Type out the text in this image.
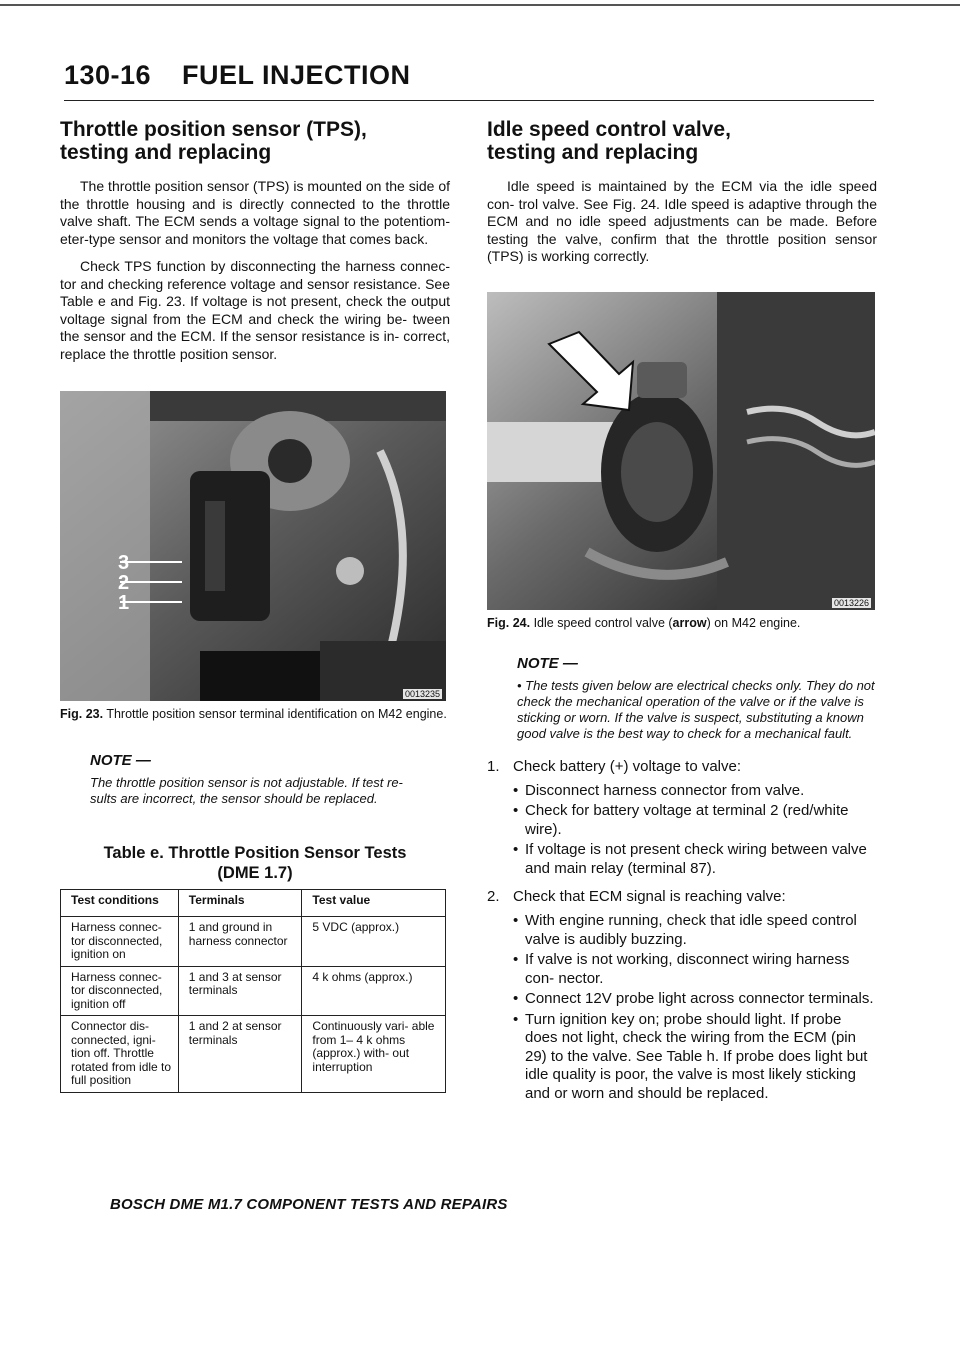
130-16 FUEL INJECTION
Throttle position sensor (TPS),
testing and replacing

The throttle position sensor (TPS) is mounted on the side of the throttle housing and is directly connected to the throttle valve shaft. The ECM sends a voltage signal to the potentiom- eter-type sensor and monitors the voltage that comes back.

Check TPS function by disconnecting the harness connec- tor and checking reference voltage and sensor resistance. See Table e and Fig. 23. If voltage is not present, check the output voltage signal from the ECM and check the wiring be- tween the sensor and the ECM. If the sensor resistance is in- correct, replace the throttle position sensor.

3
2
1
0013235
Fig. 23. Throttle position sensor terminal identification on M42 engine.
NOTE —
The throttle position sensor is not adjustable. If test re- sults are incorrect, the sensor should be replaced.
Table e. Throttle Position Sensor Tests
(DME 1.7)
Test conditions	Terminals	Test value
Harness connec- tor disconnected, ignition on	1 and ground in harness connector	5 VDC (approx.)
Harness connec- tor disconnected, ignition off	1 and 3 at sensor terminals	4 k ohms (approx.)
Connector dis- connected, igni- tion off. Throttle rotated from idle to full position	1 and 2 at sensor terminals	Continuously vari- able from 1– 4 k ohms (approx.) with- out interruption
Idle speed control valve,
testing and replacing

Idle speed is maintained by the ECM via the idle speed con- trol valve. See Fig. 24. Idle speed is adaptive through the ECM and no idle speed adjustments can be made. Before testing the valve, confirm that the throttle position sensor (TPS) is working correctly.

0013226
Fig. 24. Idle speed control valve (arrow) on M42 engine.
NOTE —
• The tests given below are electrical checks only. They do not check the mechanical operation of the valve or if the valve is sticking or worn. If the valve is suspect, substituting a known good valve is the best way to check for a mechanical fault.
1. Check battery (+) voltage to valve:
• Disconnect harness connector from valve.
• Check for battery voltage at terminal 2 (red/white wire).
• If voltage is not present check wiring between valve and main relay (terminal 87).
2. Check that ECM signal is reaching valve:
• With engine running, check that idle speed control valve is audibly buzzing.
• If valve is not working, disconnect wiring harness con- nector.
• Connect 12V probe light across connector terminals.
• Turn ignition key on; probe should light. If probe does not light, check the wiring from the ECM (pin 29) to the valve. See Table h. If probe does light but idle quality is poor, the valve is most likely sticking and or worn and should be replaced.
BOSCH DME M1.7 COMPONENT TESTS AND REPAIRS
